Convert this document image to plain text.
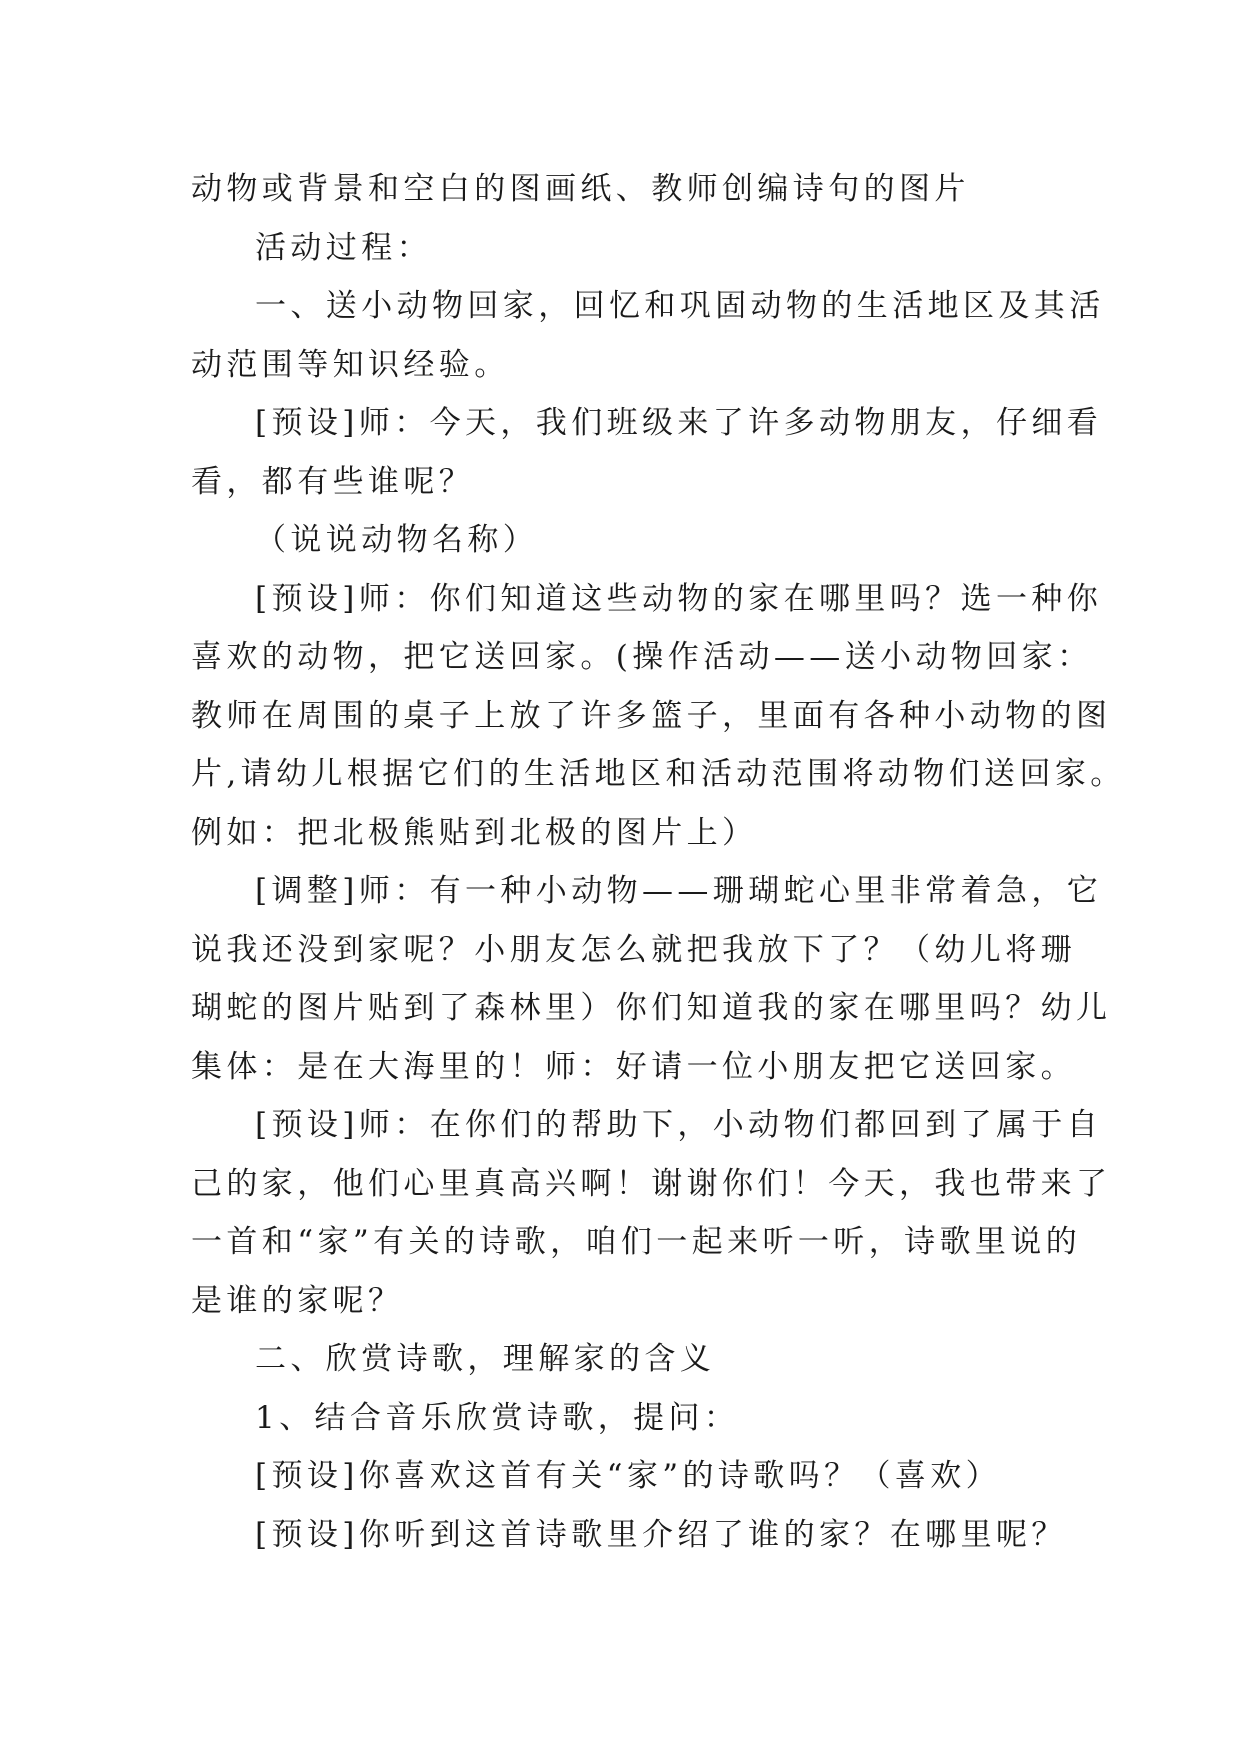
动物或背景和空白的图画纸、教师创编诗句的图片

活动过程：

一、送小动物回家，回忆和巩固动物的生活地区及其活

动范围等知识经验。

[预设]师：今天，我们班级来了许多动物朋友，仔细看

看，都有些谁呢？

（说说动物名称）

[预设]师：你们知道这些动物的家在哪里吗？选一种你

喜欢的动物，把它送回家。(操作活动——送小动物回家：

教师在周围的桌子上放了许多篮子，里面有各种小动物的图

片,请幼儿根据它们的生活地区和活动范围将动物们送回家。

例如：把北极熊贴到北极的图片上）

[调整]师：有一种小动物——珊瑚蛇心里非常着急，它

说我还没到家呢？小朋友怎么就把我放下了？（幼儿将珊

瑚蛇的图片贴到了森林里）你们知道我的家在哪里吗？幼儿

集体：是在大海里的！师：好请一位小朋友把它送回家。

[预设]师：在你们的帮助下，小动物们都回到了属于自

己的家，他们心里真高兴啊！谢谢你们！今天，我也带来了

一首和“家”有关的诗歌，咱们一起来听一听，诗歌里说的

是谁的家呢？

二、欣赏诗歌，理解家的含义

1、结合音乐欣赏诗歌，提问：

[预设]你喜欢这首有关“家”的诗歌吗？（喜欢）

[预设]你听到这首诗歌里介绍了谁的家？在哪里呢？
